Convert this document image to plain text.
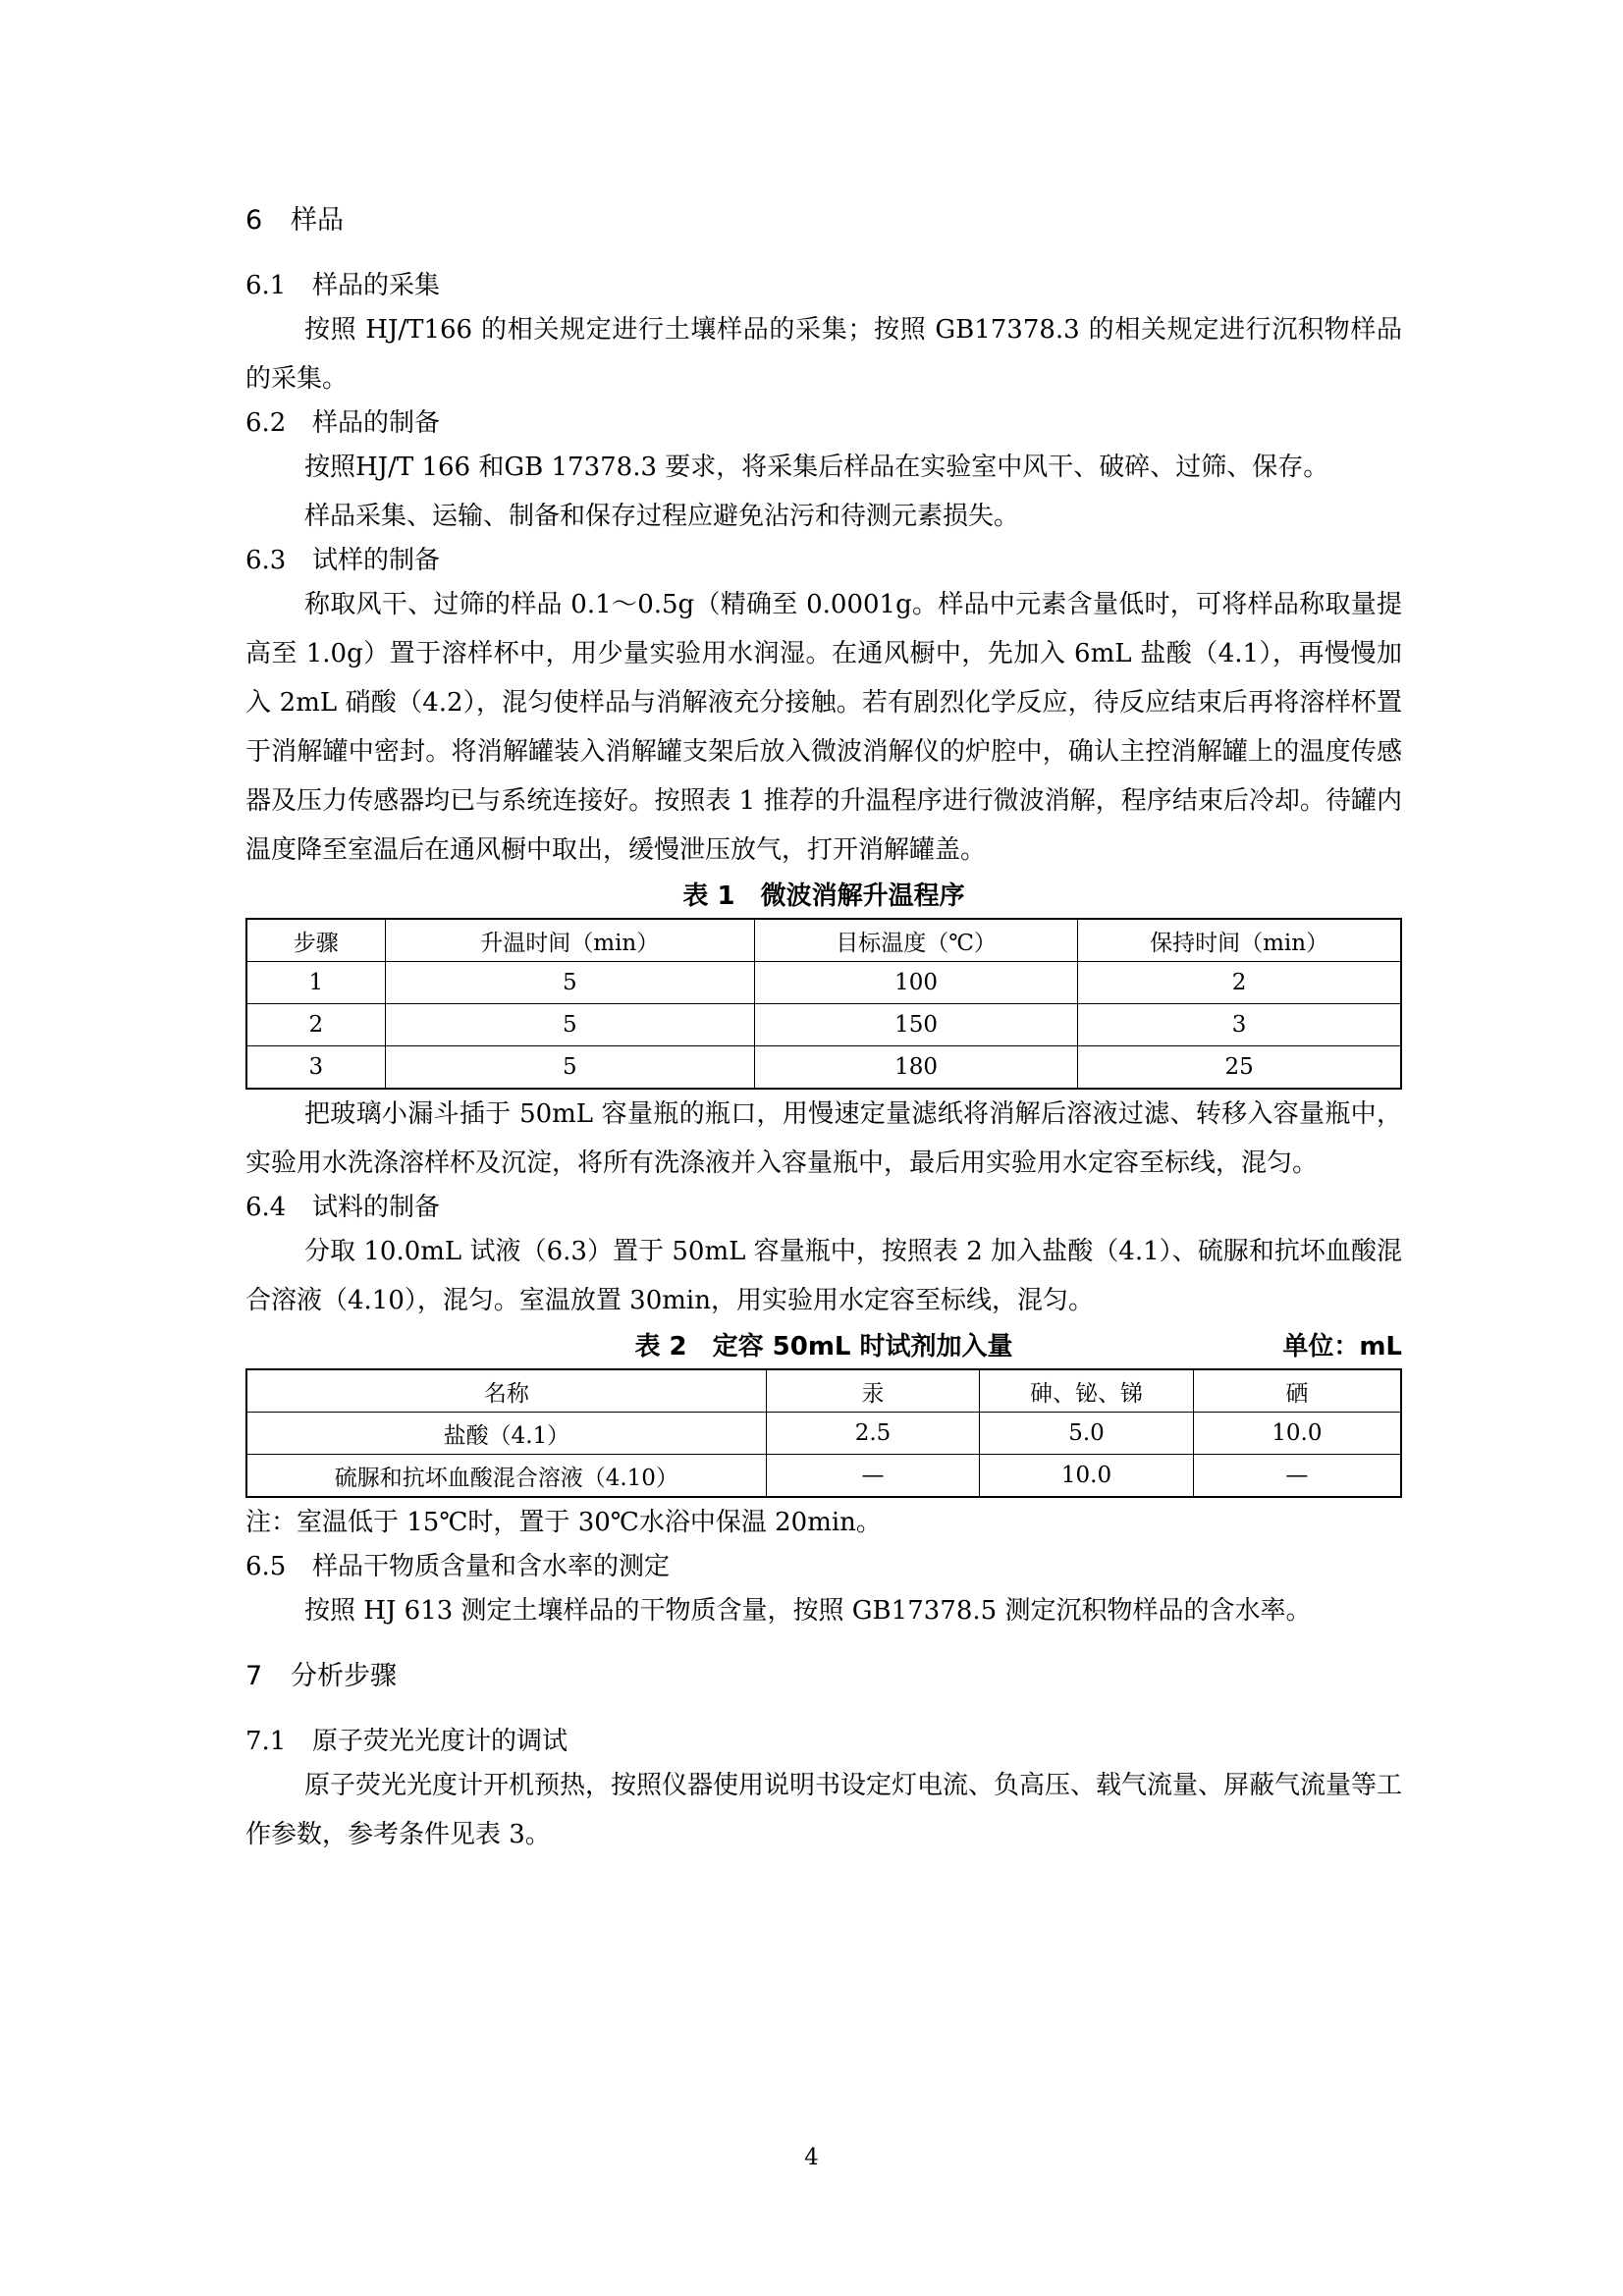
6 样品
6.1 样品的采集

按照 HJ/T166 的相关规定进行土壤样品的采集；按照 GB17378.3 的相关规定进行沉积物样品的采集。

6.2 样品的制备

按照HJ/T 166 和GB 17378.3 要求，将采集后样品在实验室中风干、破碎、过筛、保存。

样品采集、运输、制备和保存过程应避免沾污和待测元素损失。

6.3 试样的制备

称取风干、过筛的样品 0.1～0.5g（精确至 0.0001g。样品中元素含量低时，可将样品称取量提高至 1.0g）置于溶样杯中，用少量实验用水润湿。在通风橱中，先加入 6mL 盐酸（4.1），再慢慢加入 2mL 硝酸（4.2），混匀使样品与消解液充分接触。若有剧烈化学反应，待反应结束后再将溶样杯置于消解罐中密封。将消解罐装入消解罐支架后放入微波消解仪的炉腔中，确认主控消解罐上的温度传感器及压力传感器均已与系统连接好。按照表 1 推荐的升温程序进行微波消解，程序结束后冷却。待罐内温度降至室温后在通风橱中取出，缓慢泄压放气，打开消解罐盖。

表 1　微波消解升温程序
步骤	升温时间（min）	目标温度（℃）	保持时间（min）
1	5	100	2
2	5	150	3
3	5	180	25

把玻璃小漏斗插于 50mL 容量瓶的瓶口，用慢速定量滤纸将消解后溶液过滤、转移入容量瓶中，实验用水洗涤溶样杯及沉淀，将所有洗涤液并入容量瓶中，最后用实验用水定容至标线，混匀。

6.4 试料的制备

分取 10.0mL 试液（6.3）置于 50mL 容量瓶中，按照表 2 加入盐酸（4.1）、硫脲和抗坏血酸混合溶液（4.10），混匀。室温放置 30min，用实验用水定容至标线，混匀。

表 2　定容 50mL 时试剂加入量	单位：mL
名称	汞	砷、铋、锑	硒
盐酸（4.1）	2.5	5.0	10.0
硫脲和抗坏血酸混合溶液（4.10）	—	10.0	—

注：室温低于 15℃时，置于 30℃水浴中保温 20min。

6.5 样品干物质含量和含水率的测定

按照 HJ 613 测定土壤样品的干物质含量，按照 GB17378.5 测定沉积物样品的含水率。

7 分析步骤
7.1 原子荧光光度计的调试

原子荧光光度计开机预热，按照仪器使用说明书设定灯电流、负高压、载气流量、屏蔽气流量等工作参数，参考条件见表 3。

4
